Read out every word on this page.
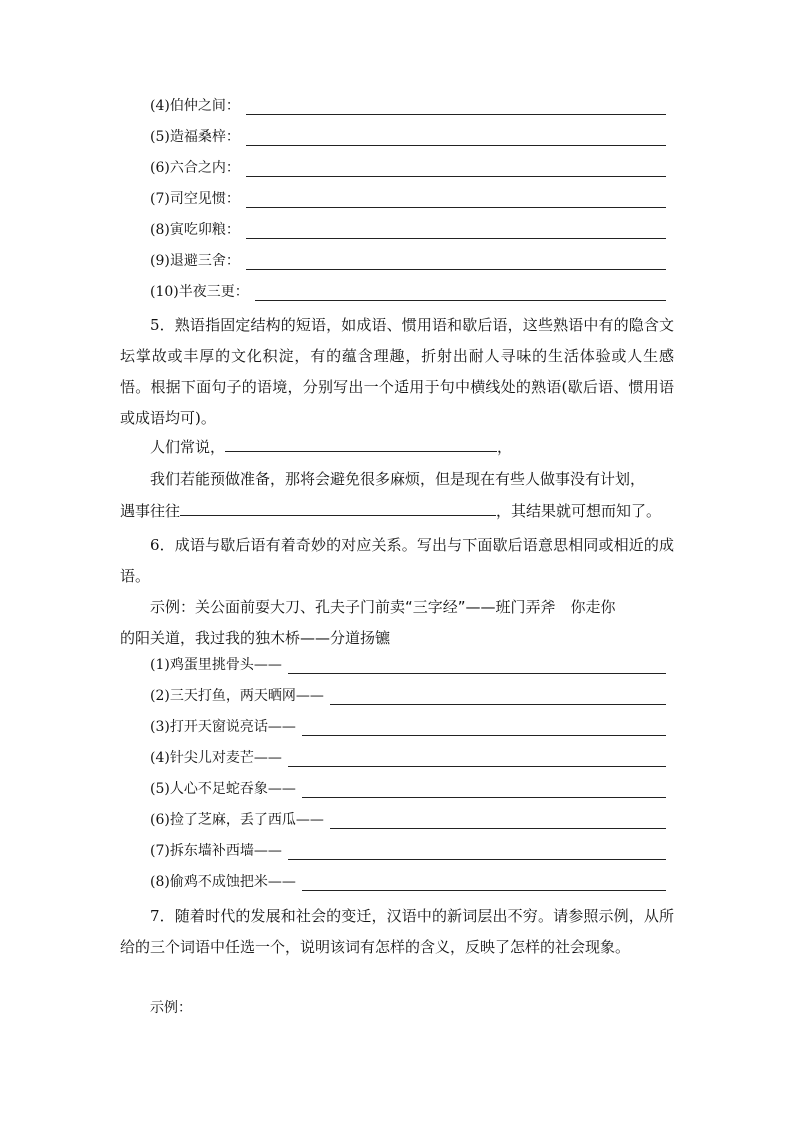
(4)伯仲之间：
(5)造福桑梓：
(6)六合之内：
(7)司空见惯：
(8)寅吃卯粮：
(9)退避三舍：
(10)半夜三更：

5．熟语指固定结构的短语，如成语、惯用语和歇后语，这些熟语中有的隐含文坛掌故或丰厚的文化积淀，有的蕴含理趣，折射出耐人寻味的生活体验或人生感悟。根据下面句子的语境，分别写出一个适用于句中横线处的熟语(歇后语、惯用语或成语均可)。

人们常说，	，
我们若能预做准备，那将会避免很多麻烦，但是现在有些人做事没有计划，
遇事往往	，其结果就可想而知了。

6．成语与歇后语有着奇妙的对应关系。写出与下面歇后语意思相同或相近的成语。

示例：关公面前耍大刀、孔夫子门前卖“三字经”——班门弄斧　你走你
的阳关道，我过我的独木桥——分道扬镳
(1)鸡蛋里挑骨头——
(2)三天打鱼，两天晒网——
(3)打开天窗说亮话——
(4)针尖儿对麦芒——
(5)人心不足蛇吞象——
(6)捡了芝麻，丢了西瓜——
(7)拆东墙补西墙——
(8)偷鸡不成蚀把米——

7．随着时代的发展和社会的变迁，汉语中的新词层出不穷。请参照示例，从所给的三个词语中任选一个，说明该词有怎样的含义，反映了怎样的社会现象。

示例：
